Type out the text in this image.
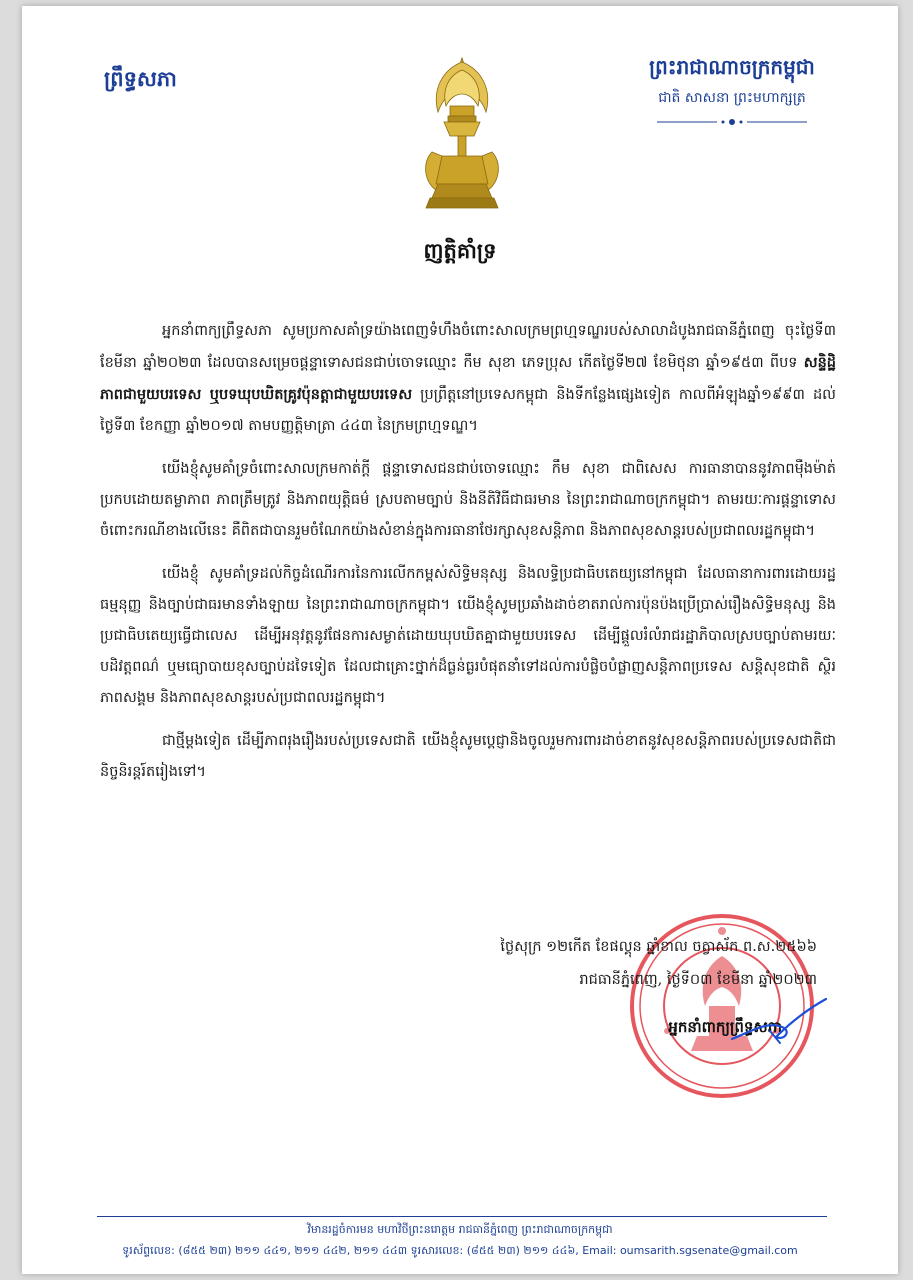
ព្រឹទ្ធសភា	ព្រះរាជាណាចក្រកម្ពុជា
ជាតិ សាសនា ព្រះមហាក្សត្រ
ញត្តិគាំទ្រ

អ្នកនាំពាក្យព្រឹទ្ធសភា សូមប្រកាសគាំទ្រយ៉ាងពេញទំហឹងចំពោះសាលក្រមព្រហ្មទណ្ឌរបស់សាលាដំបូងរាជធានីភ្នំពេញ ចុះថ្ងៃទី៣ ខែមីនា ឆ្នាំ២០២៣ ដែលបានសម្រេចផ្តន្ទាទោសជនជាប់ចោទឈ្មោះ កឹម សុខា ភេទប្រុស កើតថ្ងៃទី២៧ ខែមិថុនា ឆ្នាំ១៩៥៣ ពីបទ សន្ទិដ្ឋិភាពជាមួយបរទេស ឬបទឃុបឃិតគ្រូវប៉ុនត្ដាជាមួយបរទេស ប្រព្រឹត្តនៅប្រទេសកម្ពុជា និងទីកន្លែងផ្សេងទៀត កាលពីអំឡុងឆ្នាំ១៩៩៣ ដល់ថ្ងៃទី៣ ខែកញ្ញា ឆ្នាំ២០១៧ តាមបញ្ញត្តិមាត្រា ៤៤៣ នៃក្រមព្រហ្មទណ្ឌ។

យើងខ្ញុំសូមគាំទ្រចំពោះសាលក្រមកាត់ក្តី ផ្តន្ទាទោសជនជាប់ចោទឈ្មោះ កឹម សុខា ជាពិសេស ការធានាបាននូវភាពម៉ឺងម៉ាត់ប្រកបដោយតម្លាភាព ភាពត្រឹមត្រូវ និងភាពយុត្តិធម៌ ស្របតាមច្បាប់ និងនីតិវិធីជាធរមាន នៃព្រះរាជាណាចក្រកម្ពុជា។ តាមរយៈការផ្តន្ទាទោសចំពោះករណីខាងលើនេះ គឺពិតជាបានរួមចំណែកយ៉ាងសំខាន់ក្នុងការធានាថែរក្សាសុខសន្តិភាព និងភាពសុខសាន្តរបស់ប្រជាពលរដ្ឋកម្ពុជា។

យើងខ្ញុំ សូមគាំទ្រដល់កិច្ចដំណើរការនៃការលើកកម្ពស់សិទ្ធិមនុស្ស និងលទ្ធិប្រជាធិបតេយ្យនៅកម្ពុជា ដែលធានាការពារដោយរដ្ឋធម្មនុញ្ញ និងច្បាប់ជាធរមានទាំងឡាយ នៃព្រះរាជាណាចក្រកម្ពុជា។ យើងខ្ញុំសូមប្រឆាំងដាច់ខាតរាល់ការប៉ុនប៉ងប្រើប្រាស់រឿងសិទ្ធិមនុស្ស និងប្រជាធិបតេយ្យធ្វើជាលេស ដើម្បីអនុវត្តនូវផែនការសម្ងាត់ដោយឃុបឃិតគ្នាជាមួយបរទេស ដើម្បីផ្តួលរំលំរាជរដ្ឋាភិបាលស្របច្បាប់តាមរយៈបដិវត្តពណ៌ ឬមធ្យោបាយខុសច្បាប់ដទៃទៀត ដែលជាគ្រោះថ្នាក់ដ៏ធ្ងន់ធ្ងរបំផុតនាំទៅដល់ការបំផ្លិចបំផ្លាញសន្តិភាពប្រទេស សន្តិសុខជាតិ ស្ថិរភាពសង្គម និងភាពសុខសាន្តរបស់ប្រជាពលរដ្ឋកម្ពុជា។

ជាថ្មីម្តងទៀត ដើម្បីភាពរុងរឿងរបស់ប្រទេសជាតិ យើងខ្ញុំសូមប្តេជ្ញានិងចូលរួមការពារដាច់ខាតនូវសុខសន្តិភាពរបស់ប្រទេសជាតិជានិច្ចនិរន្តរ៍តរៀងទៅ។

ថ្ងៃសុក្រ ១២កើត ខែផល្គុន ឆ្នាំខាល ចត្វាស័ក ព.ស.២៥៦៦
រាជធានីភ្នំពេញ, ថ្ងៃទី០៣ ខែមីនា ឆ្នាំ២០២៣
អ្នកនាំពាក្យព្រឹទ្ធសភា
វិមានរដ្ឋចំការមន មហាវិថីព្រះនរោត្តម រាជធានីភ្នំពេញ ព្រះរាជាណាចក្រកម្ពុជា
ទូរស័ព្ទលេខ: (៨៥៥ ២៣) ២១១ ៤៤១, ២១១ ៤៤២, ២១១ ៤៤៣ ទូរសារលេខ: (៨៥៥ ២៣) ២១១ ៤៤៦, Email: oumsarith.sgsenate@gmail.com
